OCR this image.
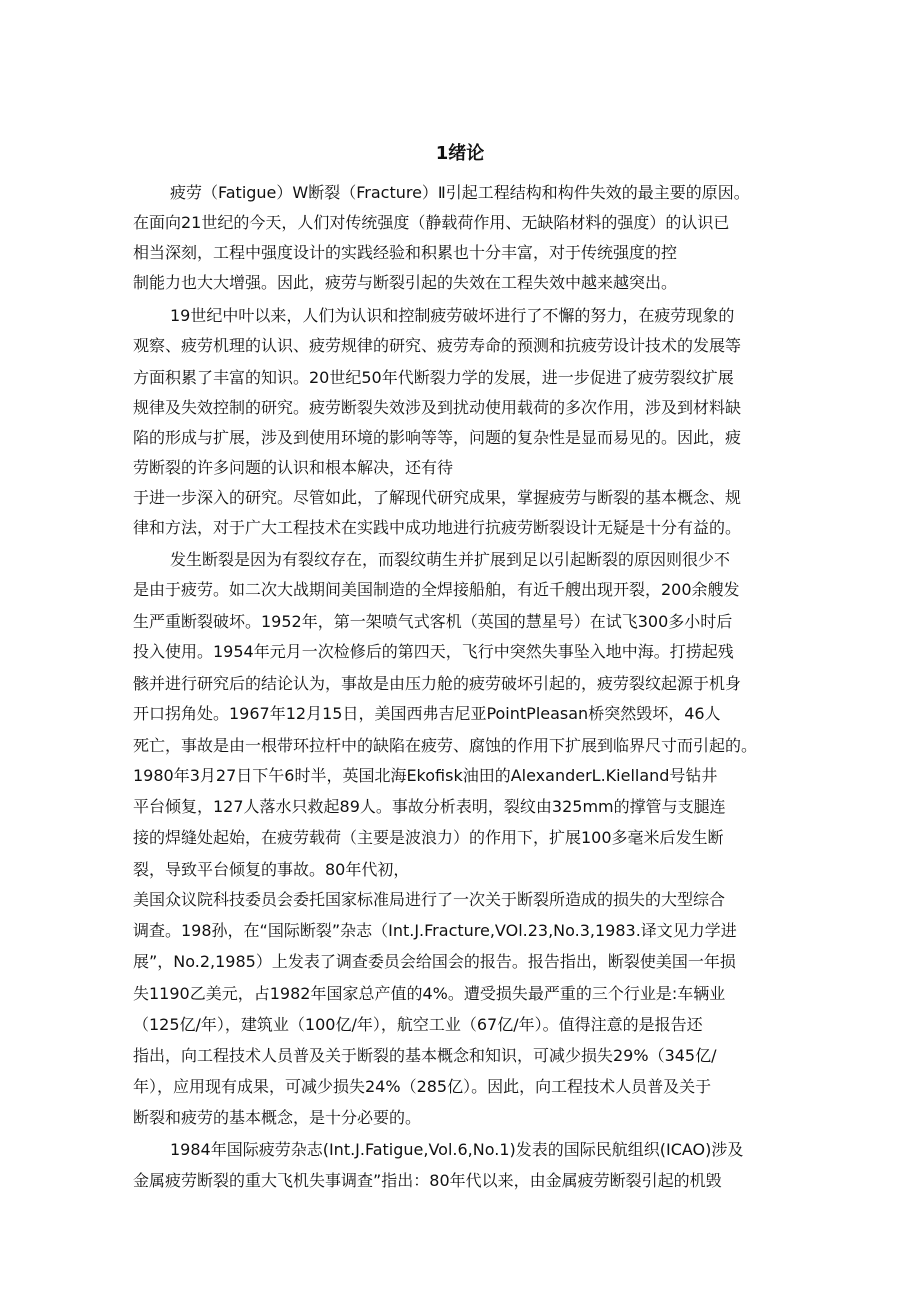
1绪论
疲劳（Fatigue）W断裂（Fracture）Ⅱ引起工程结构和构件失效的最主要的原因。
在面向21世纪的今天，人们对传统强度（静载荷作用、无缺陷材料的强度）的认识已
相当深刻，工程中强度设计的实践经验和积累也十分丰富，对于传统强度的控
制能力也大大增强。因此，疲劳与断裂引起的失效在工程失效中越来越突出。
19世纪中叶以来，人们为认识和控制疲劳破坏进行了不懈的努力，在疲劳现象的
观察、疲劳机理的认识、疲劳规律的研究、疲劳寿命的预测和抗疲劳设计技术的发展等
方面积累了丰富的知识。20世纪50年代断裂力学的发展，进一步促进了疲劳裂纹扩展
规律及失效控制的研究。疲劳断裂失效涉及到扰动使用载荷的多次作用，涉及到材料缺
陷的形成与扩展，涉及到使用环境的影响等等，问题的复杂性是显而易见的。因此，疲
劳断裂的许多问题的认识和根本解决，还有待
于进一步深入的研究。尽管如此，了解现代研究成果，掌握疲劳与断裂的基本概念、规
律和方法，对于广大工程技术在实践中成功地进行抗疲劳断裂设计无疑是十分有益的。
发生断裂是因为有裂纹存在，而裂纹萌生并扩展到足以引起断裂的原因则很少不
是由于疲劳。如二次大战期间美国制造的全焊接船舶，有近千艘出现开裂，200余艘发
生严重断裂破坏。1952年，第一架喷气式客机（英国的慧星号）在试飞300多小时后
投入使用。1954年元月一次检修后的第四天，飞行中突然失事坠入地中海。打捞起残
骸并进行研究后的结论认为，事故是由压力舱的疲劳破坏引起的，疲劳裂纹起源于机身
开口拐角处。1967年12月15日，美国西弗吉尼亚PointPleasan桥突然毁坏，46人
死亡，事故是由一根带环拉杆中的缺陷在疲劳、腐蚀的作用下扩展到临界尺寸而引起的。
1980年3月27日下午6时半，英国北海Ekofisk油田的AlexanderL.Kielland号钻井
平台倾复，127人落水只救起89人。事故分析表明，裂纹由325mm的撑管与支腿连
接的焊缝处起始，在疲劳载荷（主要是波浪力）的作用下，扩展100多毫米后发生断
裂，导致平台倾复的事故。80年代初，
美国众议院科技委员会委托国家标准局进行了一次关于断裂所造成的损失的大型综合
调查。198孙，在“国际断裂”杂志（Int.J.Fracture,VOl.23,No.3,1983.译文见力学进
展”，No.2,1985）上发表了调查委员会给国会的报告。报告指出，断裂使美国一年损
失1190乙美元，占1982年国家总产值的4%。遭受损失最严重的三个行业是:车辆业
（125亿/年），建筑业（100亿/年），航空工业（67亿/年）。值得注意的是报告还
指出，向工程技术人员普及关于断裂的基本概念和知识，可减少损失29%（345亿/
年），应用现有成果，可减少损失24%（285亿）。因此，向工程技术人员普及关于
断裂和疲劳的基本概念，是十分必要的。
1984年国际疲劳杂志(Int.J.Fatigue,Vol.6,No.1)发表的国际民航组织(ICAO)涉及
金属疲劳断裂的重大飞机失事调查”指出：80年代以来，由金属疲劳断裂引起的机毁
